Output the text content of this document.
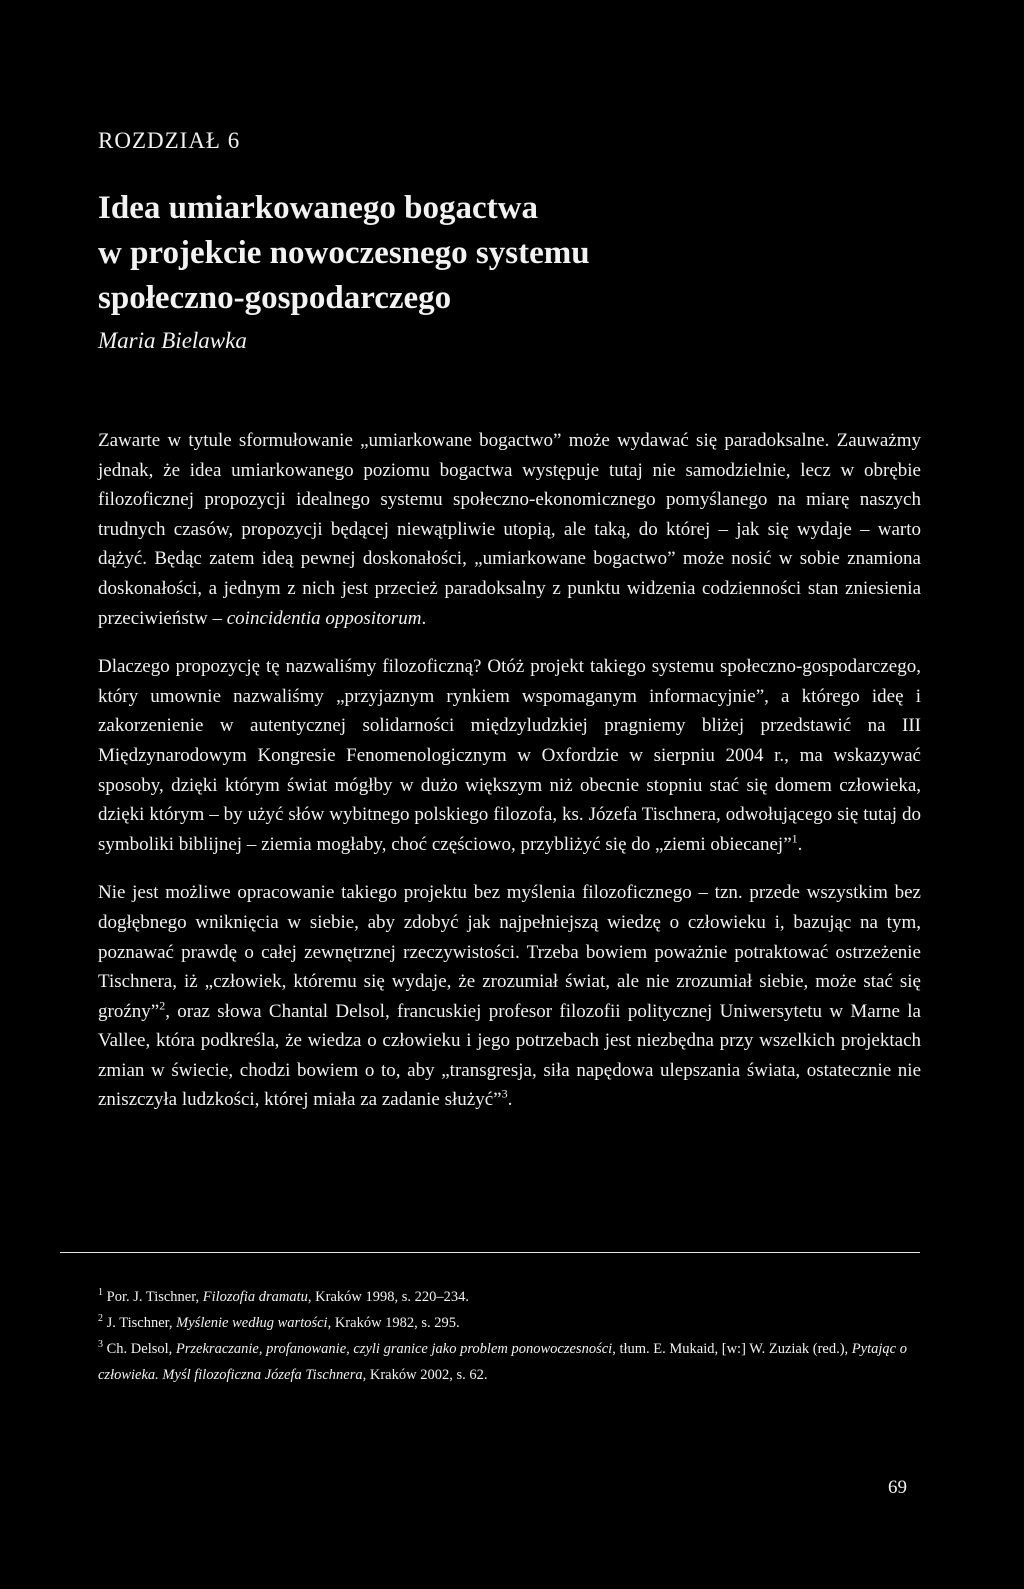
ROZDZIAŁ 6
Idea umiarkowanego bogactwa
w projekcie nowoczesnego systemu
społeczno-gospodarczego
Maria Bielawka

Zawarte w tytule sformułowanie „umiarkowane bogactwo” może wydawać się paradoksalne. Zauważmy jednak, że idea umiarkowanego poziomu bogactwa występuje tutaj nie samodzielnie, lecz w obrębie filozoficznej propozycji idealnego systemu społeczno-ekonomicznego pomyślanego na miarę naszych trudnych czasów, propozycji będącej niewątpliwie utopią, ale taką, do której – jak się wydaje – warto dążyć. Będąc zatem ideą pewnej doskonałości, „umiarkowane bogactwo” może nosić w sobie znamiona doskonałości, a jednym z nich jest przecież paradoksalny z punktu widzenia codzienności stan zniesienia przeciwieństw – coincidentia oppositorum.

Dlaczego propozycję tę nazwaliśmy filozoficzną? Otóż projekt takiego systemu społeczno-gospodarczego, który umownie nazwaliśmy „przyjaznym rynkiem wspomaganym informacyjnie”, a którego ideę i zakorzenienie w autentycznej solidarności międzyludzkiej pragniemy bliżej przedstawić na III Międzynarodowym Kongresie Fenomenologicznym w Oxfordzie w sierpniu 2004 r., ma wskazywać sposoby, dzięki którym świat mógłby w dużo większym niż obecnie stopniu stać się domem człowieka, dzięki którym – by użyć słów wybitnego polskiego filozofa, ks. Józefa Tischnera, odwołującego się tutaj do symboliki biblijnej – ziemia mogłaby, choć częściowo, przybliżyć się do „ziemi obiecanej”$^1$.

Nie jest możliwe opracowanie takiego projektu bez myślenia filozoficznego – tzn. przede wszystkim bez dogłębnego wniknięcia w siebie, aby zdobyć jak najpełniejszą wiedzę o człowieku i, bazując na tym, poznawać prawdę o całej zewnętrznej rzeczywistości. Trzeba bowiem poważnie potraktować ostrzeżenie Tischnera, iż „człowiek, któremu się wydaje, że zrozumiał świat, ale nie zrozumiał siebie, może stać się groźny”$^2$, oraz słowa Chantal Delsol, francuskiej profesor filozofii politycznej Uniwersytetu w Marne la Vallee, która podkreśla, że wiedza o człowieku i jego potrzebach jest niezbędna przy wszelkich projektach zmian w świecie, chodzi bowiem o to, aby „transgresja, siła napędowa ulepszania świata, ostatecznie nie zniszczyła ludzkości, której miała za zadanie służyć”$^3$.

$^1$ Por. J. Tischner, Filozofia dramatu, Kraków 1998, s. 220–234.

$^2$ J. Tischner, Myślenie według wartości, Kraków 1982, s. 295.

$^3$ Ch. Delsol, Przekraczanie, profanowanie, czyli granice jako problem ponowoczesności, tłum. E. Mukaid, [w:] W. Zuziak (red.), Pytając o człowieka. Myśl filozoficzna Józefa Tischnera, Kraków 2002, s. 62.

69
